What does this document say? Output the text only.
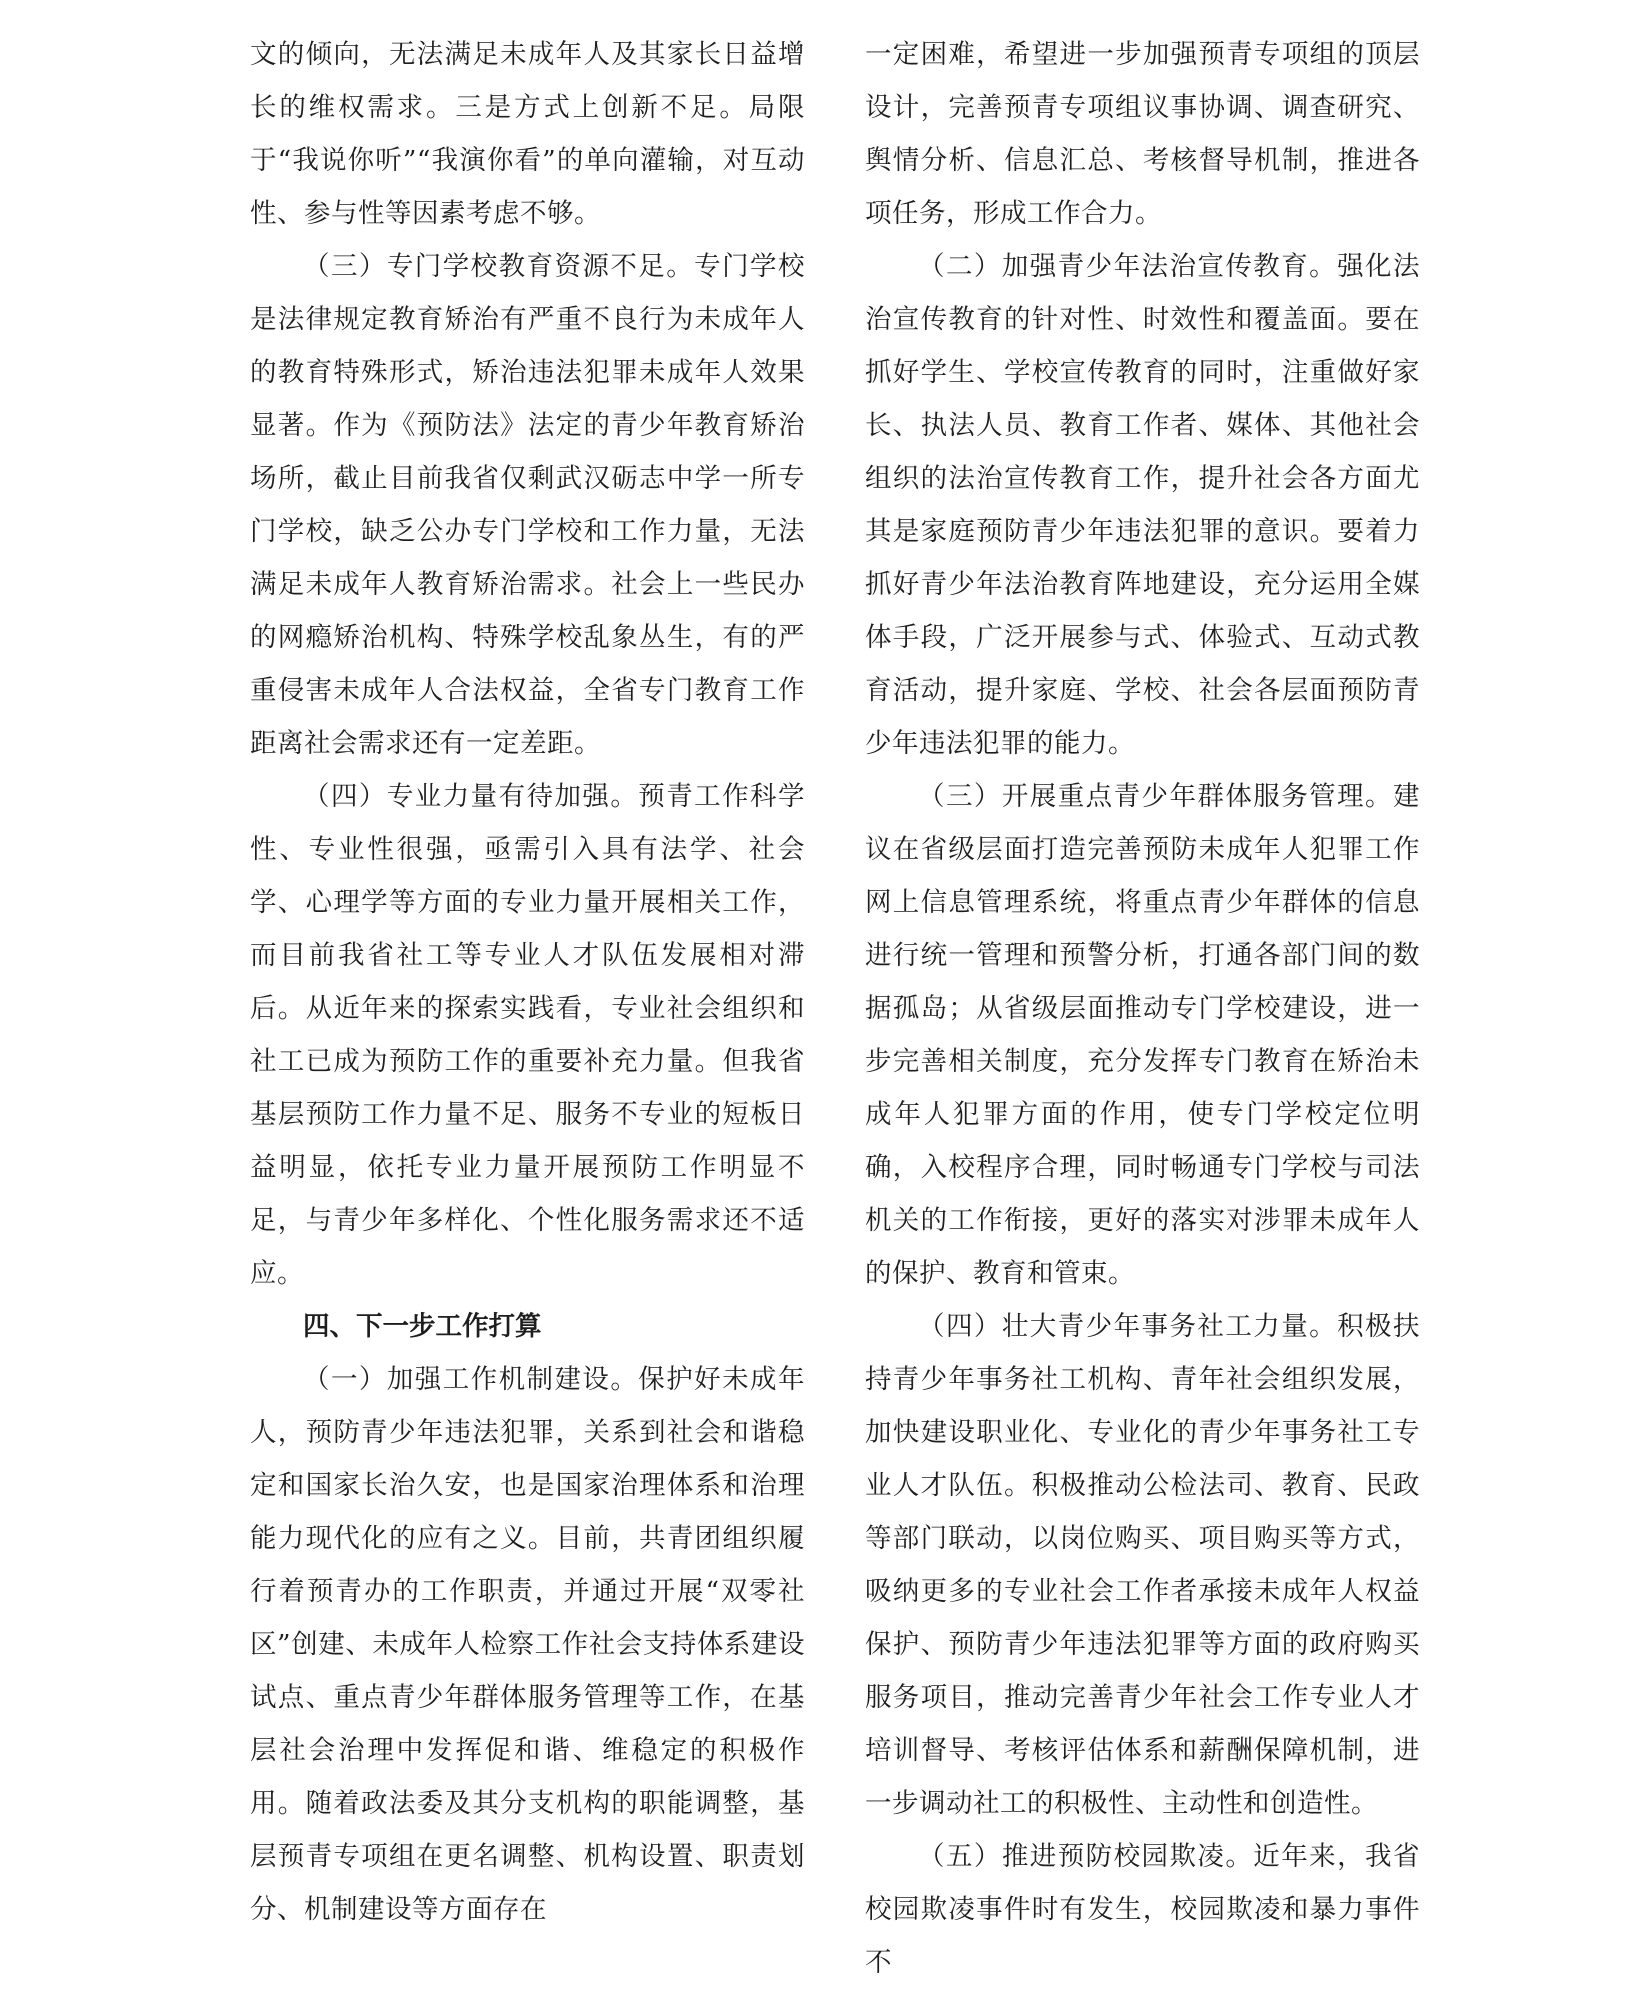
文的倾向，无法满足未成年人及其家长日益增长的维权需求。三是方式上创新不足。局限于“我说你听”“我演你看”的单向灌输，对互动性、参与性等因素考虑不够。

（三）专门学校教育资源不足。专门学校是法律规定教育矫治有严重不良行为未成年人的教育特殊形式，矫治违法犯罪未成年人效果显著。作为《预防法》法定的青少年教育矫治场所，截止目前我省仅剩武汉砺志中学一所专门学校，缺乏公办专门学校和工作力量，无法满足未成年人教育矫治需求。社会上一些民办的网瘾矫治机构、特殊学校乱象丛生，有的严重侵害未成年人合法权益，全省专门教育工作距离社会需求还有一定差距。

（四）专业力量有待加强。预青工作科学性、专业性很强，亟需引入具有法学、社会学、心理学等方面的专业力量开展相关工作，而目前我省社工等专业人才队伍发展相对滞后。从近年来的探索实践看，专业社会组织和社工已成为预防工作的重要补充力量。但我省基层预防工作力量不足、服务不专业的短板日益明显，依托专业力量开展预防工作明显不足，与青少年多样化、个性化服务需求还不适应。

四、下一步工作打算

（一）加强工作机制建设。保护好未成年人，预防青少年违法犯罪，关系到社会和谐稳定和国家长治久安，也是国家治理体系和治理能力现代化的应有之义。目前，共青团组织履行着预青办的工作职责，并通过开展“双零社区”创建、未成年人检察工作社会支持体系建设试点、重点青少年群体服务管理等工作，在基层社会治理中发挥促和谐、维稳定的积极作用。随着政法委及其分支机构的职能调整，基层预青专项组在更名调整、机构设置、职责划分、机制建设等方面存在

一定困难，希望进一步加强预青专项组的顶层设计，完善预青专项组议事协调、调查研究、舆情分析、信息汇总、考核督导机制，推进各项任务，形成工作合力。

（二）加强青少年法治宣传教育。强化法治宣传教育的针对性、时效性和覆盖面。要在抓好学生、学校宣传教育的同时，注重做好家长、执法人员、教育工作者、媒体、其他社会组织的法治宣传教育工作，提升社会各方面尤其是家庭预防青少年违法犯罪的意识。要着力抓好青少年法治教育阵地建设，充分运用全媒体手段，广泛开展参与式、体验式、互动式教育活动，提升家庭、学校、社会各层面预防青少年违法犯罪的能力。

（三）开展重点青少年群体服务管理。建议在省级层面打造完善预防未成年人犯罪工作网上信息管理系统，将重点青少年群体的信息进行统一管理和预警分析，打通各部门间的数据孤岛；从省级层面推动专门学校建设，进一步完善相关制度，充分发挥专门教育在矫治未成年人犯罪方面的作用，使专门学校定位明确，入校程序合理，同时畅通专门学校与司法机关的工作衔接，更好的落实对涉罪未成年人的保护、教育和管束。

（四）壮大青少年事务社工力量。积极扶持青少年事务社工机构、青年社会组织发展，加快建设职业化、专业化的青少年事务社工专业人才队伍。积极推动公检法司、教育、民政等部门联动，以岗位购买、项目购买等方式，吸纳更多的专业社会工作者承接未成年人权益保护、预防青少年违法犯罪等方面的政府购买服务项目，推动完善青少年社会工作专业人才培训督导、考核评估体系和薪酬保障机制，进一步调动社工的积极性、主动性和创造性。

（五）推进预防校园欺凌。近年来，我省校园欺凌事件时有发生，校园欺凌和暴力事件不
